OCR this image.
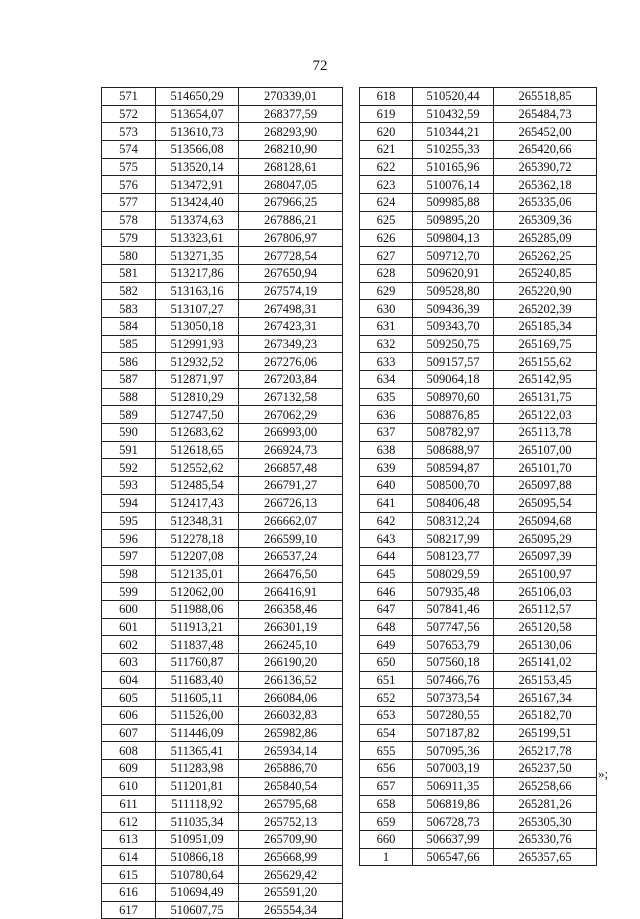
72
571	514650,29	270339,01
572	513654,07	268377,59
573	513610,73	268293,90
574	513566,08	268210,90
575	513520,14	268128,61
576	513472,91	268047,05
577	513424,40	267966,25
578	513374,63	267886,21
579	513323,61	267806,97
580	513271,35	267728,54
581	513217,86	267650,94
582	513163,16	267574,19
583	513107,27	267498,31
584	513050,18	267423,31
585	512991,93	267349,23
586	512932,52	267276,06
587	512871,97	267203,84
588	512810,29	267132,58
589	512747,50	267062,29
590	512683,62	266993,00
591	512618,65	266924,73
592	512552,62	266857,48
593	512485,54	266791,27
594	512417,43	266726,13
595	512348,31	266662,07
596	512278,18	266599,10
597	512207,08	266537,24
598	512135,01	266476,50
599	512062,00	266416,91
600	511988,06	266358,46
601	511913,21	266301,19
602	511837,48	266245,10
603	511760,87	266190,20
604	511683,40	266136,52
605	511605,11	266084,06
606	511526,00	266032,83
607	511446,09	265982,86
608	511365,41	265934,14
609	511283,98	265886,70
610	511201,81	265840,54
611	511118,92	265795,68
612	511035,34	265752,13
613	510951,09	265709,90
614	510866,18	265668,99
615	510780,64	265629,42
616	510694,49	265591,20
617	510607,75	265554,34
618	510520,44	265518,85
619	510432,59	265484,73
620	510344,21	265452,00
621	510255,33	265420,66
622	510165,96	265390,72
623	510076,14	265362,18
624	509985,88	265335,06
625	509895,20	265309,36
626	509804,13	265285,09
627	509712,70	265262,25
628	509620,91	265240,85
629	509528,80	265220,90
630	509436,39	265202,39
631	509343,70	265185,34
632	509250,75	265169,75
633	509157,57	265155,62
634	509064,18	265142,95
635	508970,60	265131,75
636	508876,85	265122,03
637	508782,97	265113,78
638	508688,97	265107,00
639	508594,87	265101,70
640	508500,70	265097,88
641	508406,48	265095,54
642	508312,24	265094,68
643	508217,99	265095,29
644	508123,77	265097,39
645	508029,59	265100,97
646	507935,48	265106,03
647	507841,46	265112,57
648	507747,56	265120,58
649	507653,79	265130,06
650	507560,18	265141,02
651	507466,76	265153,45
652	507373,54	265167,34
653	507280,55	265182,70
654	507187,82	265199,51
655	507095,36	265217,78
656	507003,19	265237,50
657	506911,35	265258,66
658	506819,86	265281,26
659	506728,73	265305,30
660	506637,99	265330,76
1	506547,66	265357,65
»;
